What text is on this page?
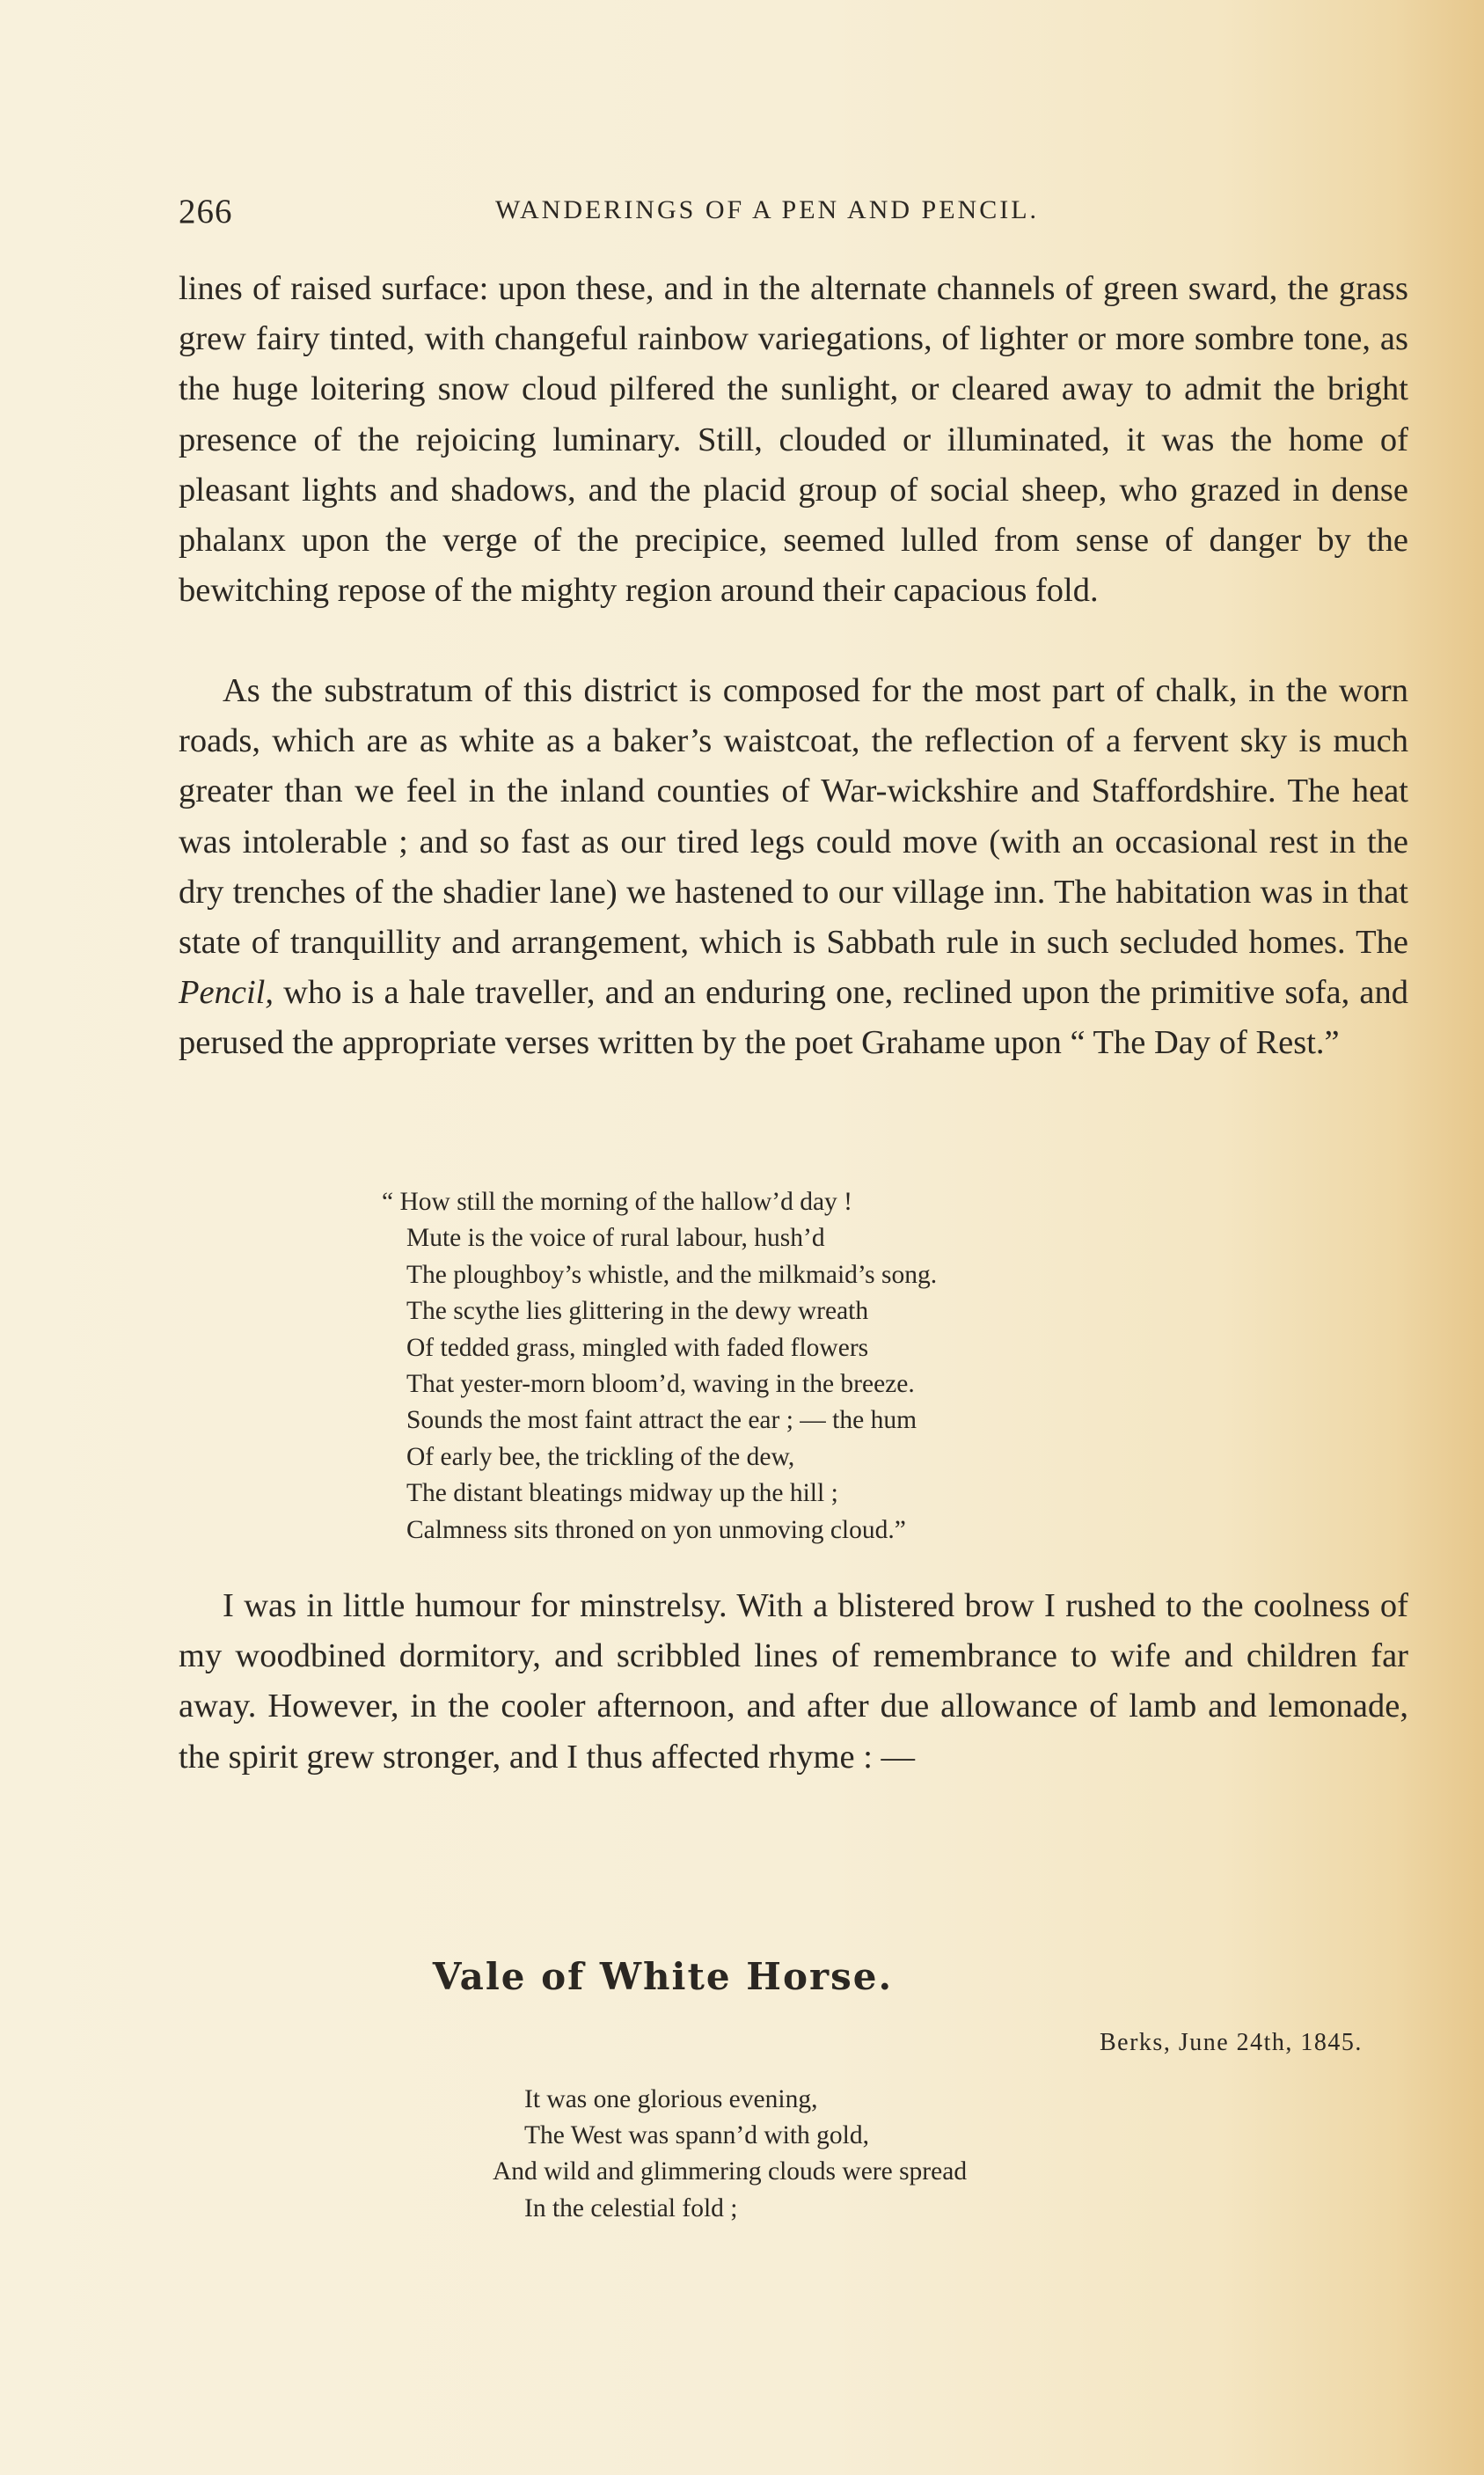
266	WANDERINGS OF A PEN AND PENCIL.

lines of raised surface: upon these, and in the alternate channels of green sward, the grass grew fairy tinted, with changeful rainbow variegations, of lighter or more sombre tone, as the huge loitering snow cloud pilfered the sunlight, or cleared away to admit the bright presence of the rejoicing luminary. Still, clouded or illuminated, it was the home of pleasant lights and shadows, and the placid group of social sheep, who grazed in dense phalanx upon the verge of the precipice, seemed lulled from sense of danger by the bewitching repose of the mighty region around their capacious fold.

As the substratum of this district is composed for the most part of chalk, in the worn roads, which are as white as a baker’s waistcoat, the reflection of a fervent sky is much greater than we feel in the inland counties of War-wickshire and Staffordshire. The heat was intolerable ; and so fast as our tired legs could move (with an occasional rest in the dry trenches of the shadier lane) we hastened to our village inn. The habitation was in that state of tranquillity and arrangement, which is Sabbath rule in such secluded homes. The Pencil, who is a hale traveller, and an enduring one, reclined upon the primitive sofa, and perused the appropriate verses written by the poet Grahame upon “ The Day of Rest.”

“ How still the morning of the hallow’d day !
Mute is the voice of rural labour, hush’d
The ploughboy’s whistle, and the milkmaid’s song.
The scythe lies glittering in the dewy wreath
Of tedded grass, mingled with faded flowers
That yester-morn bloom’d, waving in the breeze.
Sounds the most faint attract the ear ; — the hum
Of early bee, the trickling of the dew,
The distant bleatings midway up the hill ;
Calmness sits throned on yon unmoving cloud.”

I was in little humour for minstrelsy. With a blistered brow I rushed to the coolness of my woodbined dormitory, and scribbled lines of remembrance to wife and children far away. However, in the cooler afternoon, and after due allowance of lamb and lemonade, the spirit grew stronger, and I thus affected rhyme : —

Vale of White Horse.
Berks, June 24th, 1845.
It was one glorious evening,
The West was spann’d with gold,
And wild and glimmering clouds were spread
In the celestial fold ;
